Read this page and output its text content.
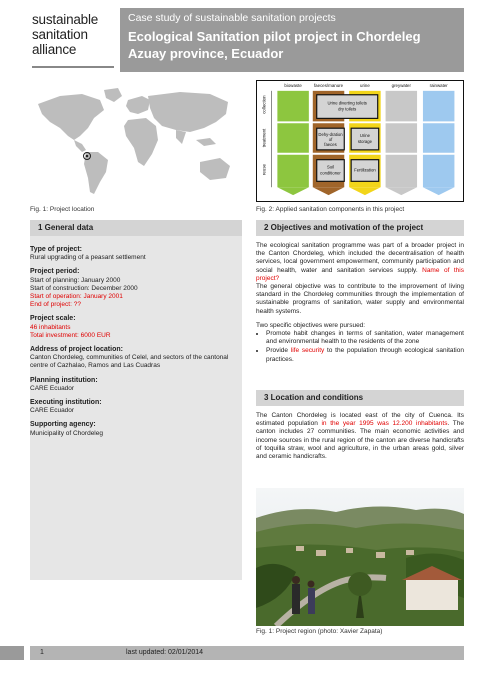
sustainable
sanitation
alliance
Case study of sustainable sanitation projects
Ecological Sanitation pilot project in Chordeleg
Azuay province, Ecuador
Fig. 1: Project location
biowaste	faeces/manure	urine	greywater	rainwater
collection
treatment
reuse
Urine diverting toilets
dry toilets
Dehy-dration
of
faeces
Urine
storage
Soil
conditioner
Fertilization
Fig. 2: Applied sanitation components in this project
1 General data
Type of project:
Rural upgrading of a peasant settlement
Project period:
Start of planning: January 2000
Start of construction: December 2000
Start of operation: January 2001
End of project: ??
Project scale:
46 inhabitants
Total investment: 6000 EUR
Address of project location:
Canton Chordeleg, communities of Celel, and sectors of the cantonal centre of Cazhalao, Ramos and Las Cuadras
Planning institution:
CARE Ecuador
Executing institution:
CARE Ecuador
Supporting agency:
Municipality of Chordeleg
2 Objectives and motivation of the project

The ecological sanitation programme was part of a broader project in the Canton Chordeleg, which included the decentralisation of health services, local government empowerment, community participation and social health, water and sanitation services supply. Name of this project?

The general objective was to contribute to the improvement of living standard in the Chordeleg communities through the implementation of sustainable programs of sanitation, water supply and environmental health systems.

Two specific objectives were pursued:

• Promote habit changes in terms of sanitation, water management and environmental health to the residents of the zone
• Provide life security to the population through ecological sanitation practices.
3 Location and conditions

The Canton Chordeleg is located east of the city of Cuenca. Its estimated population in the year 1995 was 12.200 inhabitants. The canton includes 27 communities. The main economic activities and income sources in the rural region of the canton are diverse handicrafts of toquilla straw, wool and agriculture, in the urban areas gold, silver and ceramic handicrafts.

Fig. 1: Project region (photo: Xavier Zapata)
1	last updated: 02/01/2014
